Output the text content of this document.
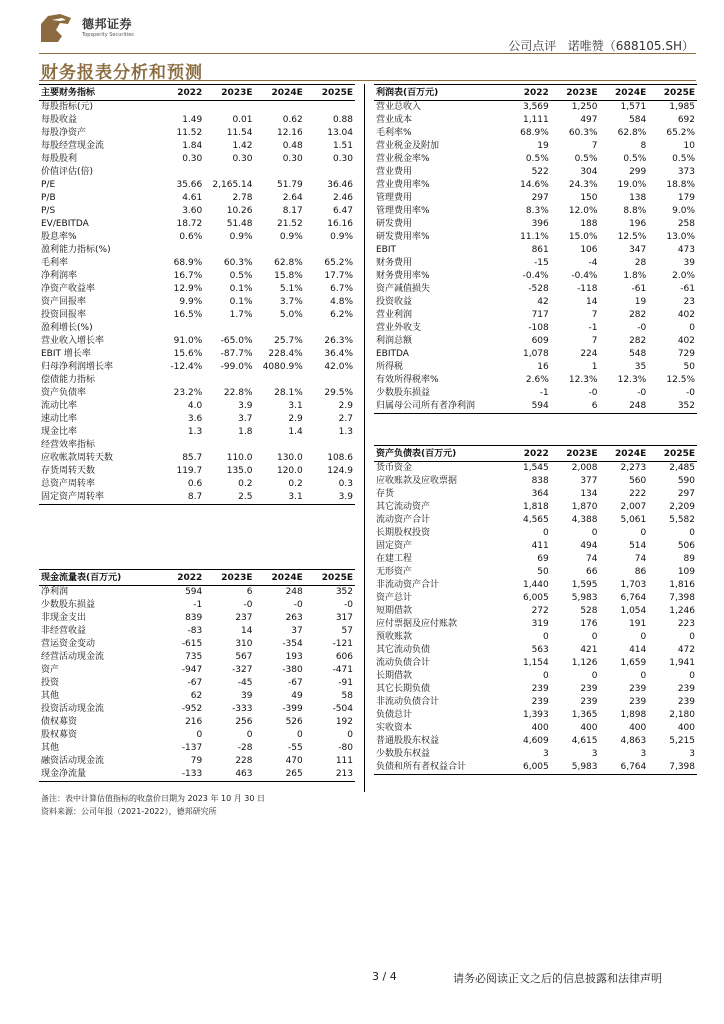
德邦证券
Topsperity Securities
公司点评 诺唯赞（688105.SH）
财务报表分析和预测
主要财务指标	2022	2023E	2024E	2025E
每股指标(元)				
每股收益	1.49	0.01	0.62	0.88
每股净资产	11.52	11.54	12.16	13.04
每股经营现金流	1.84	1.42	0.48	1.51
每股股利	0.30	0.30	0.30	0.30
价值评估(倍)				
P/E	35.66	2,165.14	51.79	36.46
P/B	4.61	2.78	2.64	2.46
P/S	3.60	10.26	8.17	6.47
EV/EBITDA	18.72	51.48	21.52	16.16
股息率%	0.6%	0.9%	0.9%	0.9%
盈利能力指标(%)				
毛利率	68.9%	60.3%	62.8%	65.2%
净利润率	16.7%	0.5%	15.8%	17.7%
净资产收益率	12.9%	0.1%	5.1%	6.7%
资产回报率	9.9%	0.1%	3.7%	4.8%
投资回报率	16.5%	1.7%	5.0%	6.2%
盈利增长(%)				
营业收入增长率	91.0%	-65.0%	25.7%	26.3%
EBIT 增长率	15.6%	-87.7%	228.4%	36.4%
归母净利润增长率	-12.4%	-99.0%	4080.9%	42.0%
偿债能力指标				
资产负债率	23.2%	22.8%	28.1%	29.5%
流动比率	4.0	3.9	3.1	2.9
速动比率	3.6	3.7	2.9	2.7
现金比率	1.3	1.8	1.4	1.3
经营效率指标				
应收帐款周转天数	85.7	110.0	130.0	108.6
存货周转天数	119.7	135.0	120.0	124.9
总资产周转率	0.6	0.2	0.2	0.3
固定资产周转率	8.7	2.5	3.1	3.9
利润表(百万元)	2022	2023E	2024E	2025E
营业总收入	3,569	1,250	1,571	1,985
营业成本	1,111	497	584	692
毛利率%	68.9%	60.3%	62.8%	65.2%
营业税金及附加	19	7	8	10
营业税金率%	0.5%	0.5%	0.5%	0.5%
营业费用	522	304	299	373
营业费用率%	14.6%	24.3%	19.0%	18.8%
管理费用	297	150	138	179
管理费用率%	8.3%	12.0%	8.8%	9.0%
研发费用	396	188	196	258
研发费用率%	11.1%	15.0%	12.5%	13.0%
EBIT	861	106	347	473
财务费用	-15	-4	28	39
财务费用率%	-0.4%	-0.4%	1.8%	2.0%
资产减值损失	-528	-118	-61	-61
投资收益	42	14	19	23
营业利润	717	7	282	402
营业外收支	-108	-1	-0	0
利润总额	609	7	282	402
EBITDA	1,078	224	548	729
所得税	16	1	35	50
有效所得税率%	2.6%	12.3%	12.3%	12.5%
少数股东损益	-1	-0	-0	-0
归属母公司所有者净利润	594	6	248	352
资产负债表(百万元)	2022	2023E	2024E	2025E
货币资金	1,545	2,008	2,273	2,485
应收账款及应收票据	838	377	560	590
存货	364	134	222	297
其它流动资产	1,818	1,870	2,007	2,209
流动资产合计	4,565	4,388	5,061	5,582
长期股权投资	0	0	0	0
固定资产	411	494	514	506
在建工程	69	74	74	89
无形资产	50	66	86	109
非流动资产合计	1,440	1,595	1,703	1,816
资产总计	6,005	5,983	6,764	7,398
短期借款	272	528	1,054	1,246
应付票据及应付账款	319	176	191	223
预收账款	0	0	0	0
其它流动负债	563	421	414	472
流动负债合计	1,154	1,126	1,659	1,941
长期借款	0	0	0	0
其它长期负债	239	239	239	239
非流动负债合计	239	239	239	239
负债总计	1,393	1,365	1,898	2,180
实收资本	400	400	400	400
普通股股东权益	4,609	4,615	4,863	5,215
少数股东权益	3	3	3	3
负债和所有者权益合计	6,005	5,983	6,764	7,398
现金流量表(百万元)	2022	2023E	2024E	2025E
净利润	594	6	248	352
少数股东损益	-1	-0	-0	-0
非现金支出	839	237	263	317
非经营收益	-83	14	37	57
营运资金变动	-615	310	-354	-121
经营活动现金流	735	567	193	606
资产	-947	-327	-380	-471
投资	-67	-45	-67	-91
其他	62	39	49	58
投资活动现金流	-952	-333	-399	-504
债权募资	216	256	526	192
股权募资	0	0	0	0
其他	-137	-28	-55	-80
融资活动现金流	79	228	470	111
现金净流量	-133	463	265	213
备注：表中计算估值指标的收盘价日期为 2023 年 10 月 30 日
资料来源：公司年报（2021-2022），德邦研究所
3 / 4	请务必阅读正文之后的信息披露和法律声明
